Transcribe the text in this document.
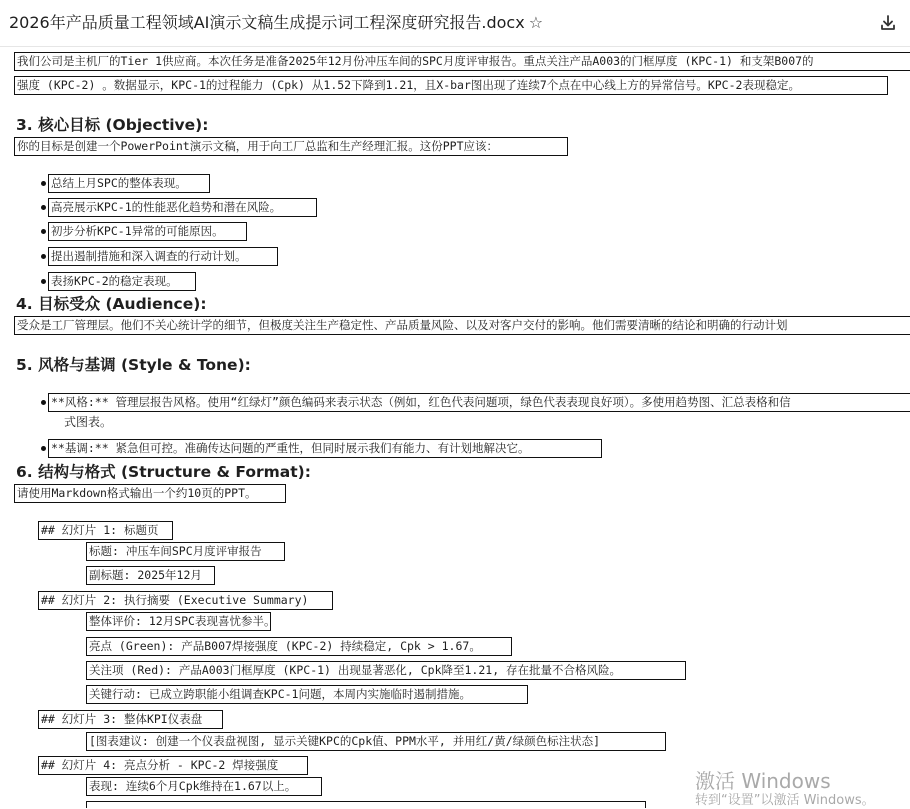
2026年产品质量工程领域AI演示文稿生成提示词工程深度研究报告.docx ☆
我们公司是主机厂的Tier 1供应商。本次任务是准备2025年12月份冲压车间的SPC月度评审报告。重点关注产品A003的门框厚度 (KPC-1) 和支架B007的
强度 (KPC-2) 。数据显示，KPC-1的过程能力 (Cpk) 从1.52下降到1.21，且X-bar图出现了连续7个点在中心线上方的异常信号。KPC-2表现稳定。
3. 核心目标 (Objective):
你的目标是创建一个PowerPoint演示文稿，用于向工厂总监和生产经理汇报。这份PPT应该：
总结上月SPC的整体表现。
高亮展示KPC-1的性能恶化趋势和潜在风险。
初步分析KPC-1异常的可能原因。
提出遏制措施和深入调查的行动计划。
表扬KPC-2的稳定表现。
4. 目标受众 (Audience):
受众是工厂管理层。他们不关心统计学的细节，但极度关注生产稳定性、产品质量风险、以及对客户交付的影响。他们需要清晰的结论和明确的行动计划
5. 风格与基调 (Style & Tone):
**风格:** 管理层报告风格。使用“红绿灯”颜色编码来表示状态（例如，红色代表问题项，绿色代表表现良好项）。多使用趋势图、汇总表格和信
式图表。
**基调:** 紧急但可控。准确传达问题的严重性，但同时展示我们有能力、有计划地解决它。
6. 结构与格式 (Structure & Format):
请使用Markdown格式输出一个约10页的PPT。
## 幻灯片 1: 标题页
标题: 冲压车间SPC月度评审报告
副标题: 2025年12月
## 幻灯片 2: 执行摘要 (Executive Summary)
整体评价: 12月SPC表现喜忧参半。
亮点 (Green): 产品B007焊接强度 (KPC-2) 持续稳定, Cpk > 1.67。
关注项 (Red): 产品A003门框厚度 (KPC-1) 出现显著恶化, Cpk降至1.21, 存在批量不合格风险。
关键行动: 已成立跨职能小组调查KPC-1问题，本周内实施临时遏制措施。
## 幻灯片 3: 整体KPI仪表盘
[图表建议: 创建一个仪表盘视图, 显示关键KPC的Cpk值、PPM水平, 并用红/黄/绿颜色标注状态]
## 幻灯片 4: 亮点分析 - KPC-2 焊接强度
表现: 连续6个月Cpk维持在1.67以上。	激活 Windows
转到“设置”以激活 Windows。
